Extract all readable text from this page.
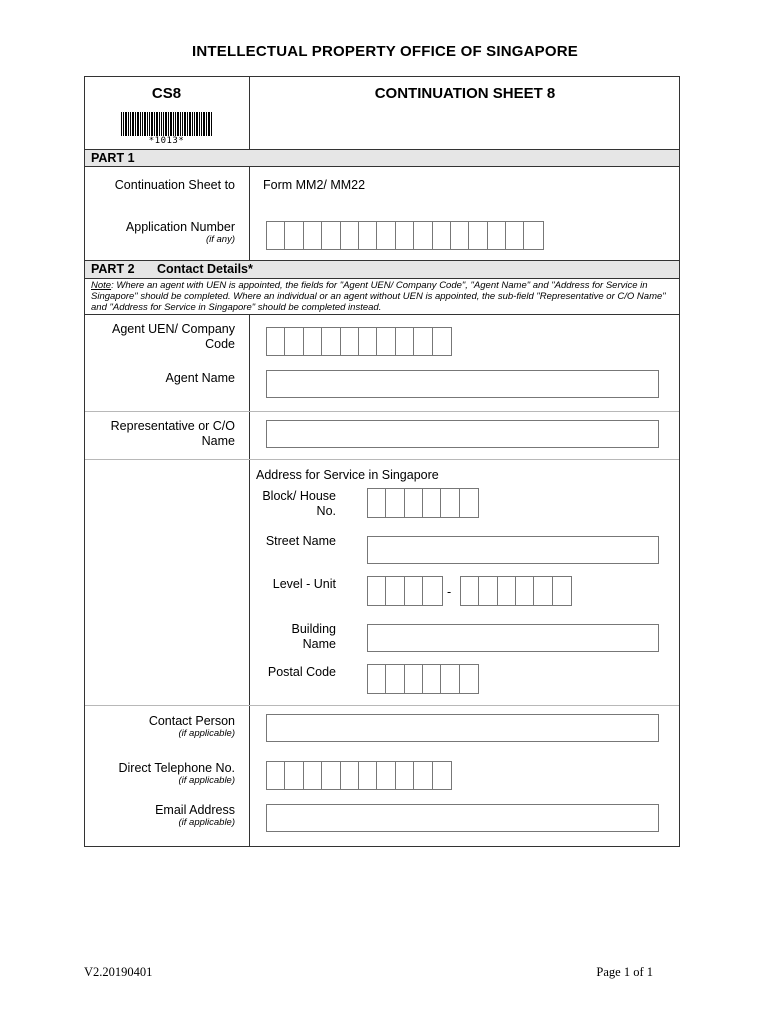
INTELLECTUAL PROPERTY OFFICE OF SINGAPORE
CS8	CONTINUATION SHEET 8
*1013*
PART 1
Continuation Sheet to Form MM2/ MM22
Application Number
(if any)
PART 2 Contact Details*
Note: Where an agent with UEN is appointed, the fields for "Agent UEN/ Company Code", "Agent Name" and "Address for Service in Singapore" should be completed. Where an individual or an agent without UEN is appointed, the sub-field "Representative or C/O Name" and "Address for Service in Singapore" should be completed instead.
Agent UEN/ Company
Code
Agent Name
Representative or C/O
Name
Address for Service in Singapore
Block/ House
No.
Street Name
Level - Unit
-
Building
Name
Postal Code
Contact Person
(if applicable)
Direct Telephone No.
(if applicable)
Email Address
(if applicable)
V2.20190401	Page 1 of 1
